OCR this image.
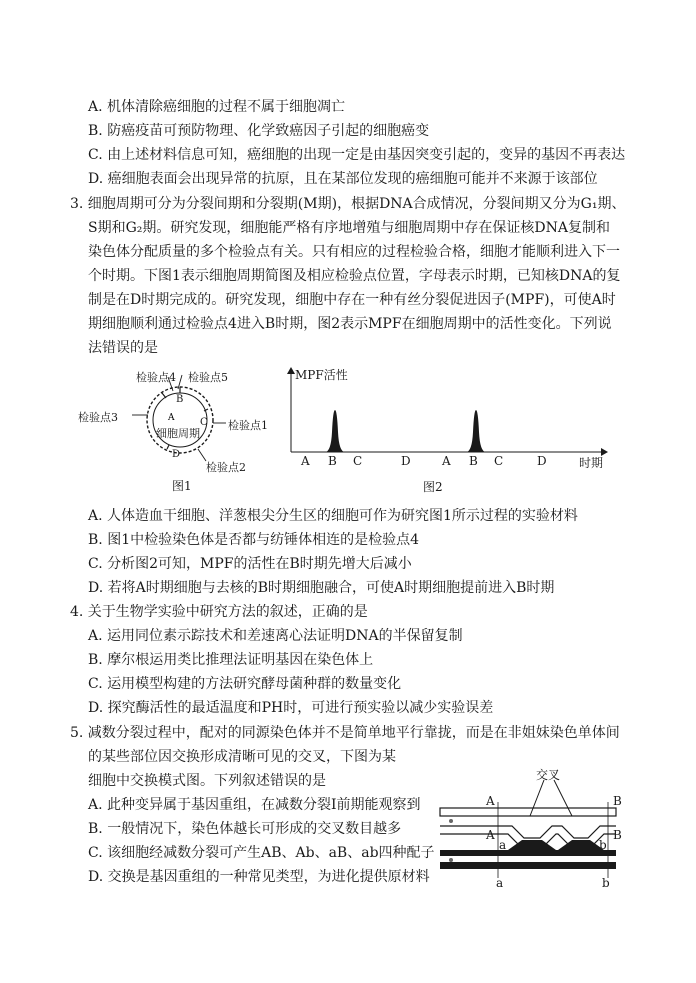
A. 机体清除癌细胞的过程不属于细胞凋亡
B. 防癌疫苗可预防物理、化学致癌因子引起的细胞癌变
C. 由上述材料信息可知，癌细胞的出现一定是由基因突变引起的，变异的基因不再表达
D. 癌细胞表面会出现异常的抗原，且在某部位发现的癌细胞可能并不来源于该部位
3. 细胞周期可分为分裂间期和分裂期(M期)，根据DNA合成情况，分裂间期又分为G₁期、
S期和G₂期。研究发现，细胞能严格有序地增殖与细胞周期中存在保证核DNA复制和
染色体分配质量的多个检验点有关。只有相应的过程检验合格，细胞才能顺利进入下一
个时期。下图1表示细胞周期简图及相应检验点位置，字母表示时期，已知核DNA的复
制是在D时期完成的。研究发现，细胞中存在一种有丝分裂促进因子(MPF)，可使A时
期细胞顺利通过检验点4进入B时期，图2表示MPF在细胞周期中的活性变化。下列说
法错误的是
A
检验点4 检验点5
检验点3
检验点1
检验点2
B
C
D
细胞周期
图1
MPF活性
A B C	D	A B C	D	时期
图2
A. 人体造血干细胞、洋葱根尖分生区的细胞可作为研究图1所示过程的实验材料
B. 图1中检验染色体是否都与纺锤体相连的是检验点4
C. 分析图2可知，MPF的活性在B时期先增大后减小
D. 若将A时期细胞与去核的B时期细胞融合，可使A时期细胞提前进入B时期
4. 关于生物学实验中研究方法的叙述，正确的是
A. 运用同位素示踪技术和差速离心法证明DNA的半保留复制
B. 摩尔根运用类比推理法证明基因在染色体上
C. 运用模型构建的方法研究酵母菌种群的数量变化
D. 探究酶活性的最适温度和PH时，可进行预实验以减少实验误差
5. 减数分裂过程中，配对的同源染色体并不是简单地平行靠拢，而是在非姐妹染色单体间
的某些部位因交换形成清晰可见的交叉，下图为某
细胞中交换模式图。下列叙述错误的是
A. 此种变异属于基因重组，在减数分裂Ⅰ前期能观察到
B. 一般情况下，染色体越长可形成的交叉数目越多
C. 该细胞经减数分裂可产生AB、Ab、aB、ab四种配子
D. 交换是基因重组的一种常见类型，为进化提供原材料
交叉
A	B
A	B
a	b
a	b
